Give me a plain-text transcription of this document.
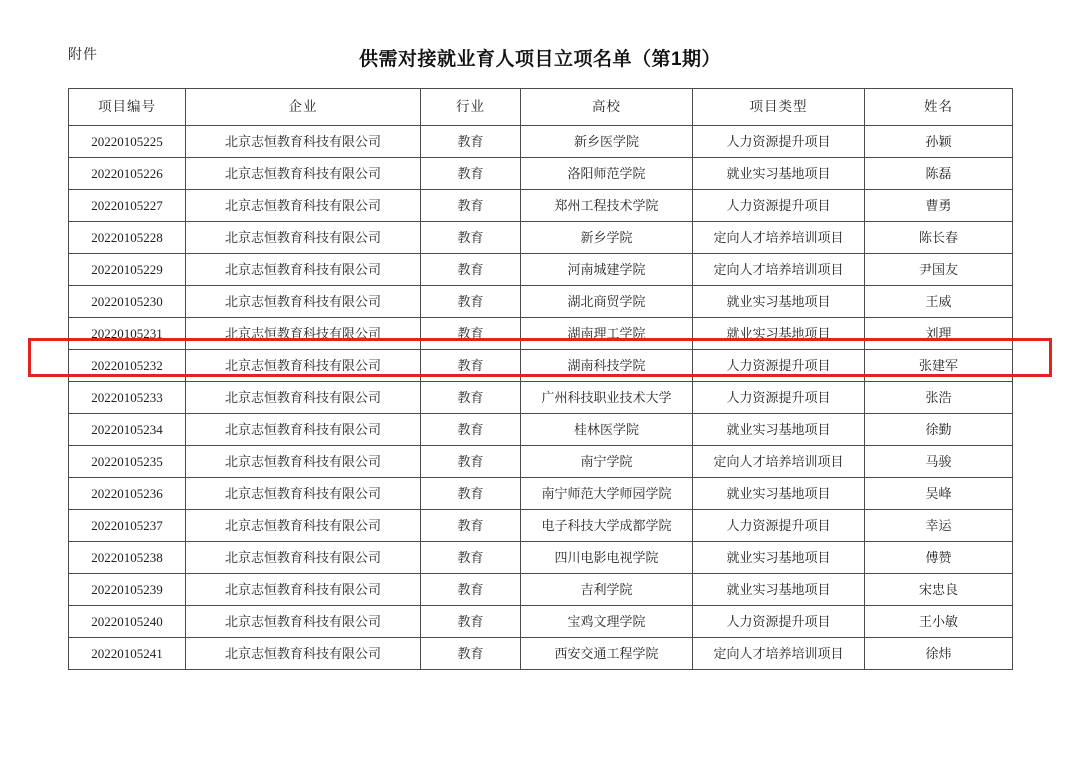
附件	供需对接就业育人项目立项名单（第1期）
项目编号	企业	行业	高校	项目类型	姓名
20220105225	北京志恒教育科技有限公司	教育	新乡医学院	人力资源提升项目	孙颖
20220105226	北京志恒教育科技有限公司	教育	洛阳师范学院	就业实习基地项目	陈磊
20220105227	北京志恒教育科技有限公司	教育	郑州工程技术学院	人力资源提升项目	曹勇
20220105228	北京志恒教育科技有限公司	教育	新乡学院	定向人才培养培训项目	陈长春
20220105229	北京志恒教育科技有限公司	教育	河南城建学院	定向人才培养培训项目	尹国友
20220105230	北京志恒教育科技有限公司	教育	湖北商贸学院	就业实习基地项目	王威
20220105231	北京志恒教育科技有限公司	教育	湖南理工学院	就业实习基地项目	刘理
20220105232	北京志恒教育科技有限公司	教育	湖南科技学院	人力资源提升项目	张建军
20220105233	北京志恒教育科技有限公司	教育	广州科技职业技术大学	人力资源提升项目	张浩
20220105234	北京志恒教育科技有限公司	教育	桂林医学院	就业实习基地项目	徐勤
20220105235	北京志恒教育科技有限公司	教育	南宁学院	定向人才培养培训项目	马骏
20220105236	北京志恒教育科技有限公司	教育	南宁师范大学师园学院	就业实习基地项目	吴峰
20220105237	北京志恒教育科技有限公司	教育	电子科技大学成都学院	人力资源提升项目	幸运
20220105238	北京志恒教育科技有限公司	教育	四川电影电视学院	就业实习基地项目	傅赞
20220105239	北京志恒教育科技有限公司	教育	吉利学院	就业实习基地项目	宋忠良
20220105240	北京志恒教育科技有限公司	教育	宝鸡文理学院	人力资源提升项目	王小敏
20220105241	北京志恒教育科技有限公司	教育	西安交通工程学院	定向人才培养培训项目	徐炜
